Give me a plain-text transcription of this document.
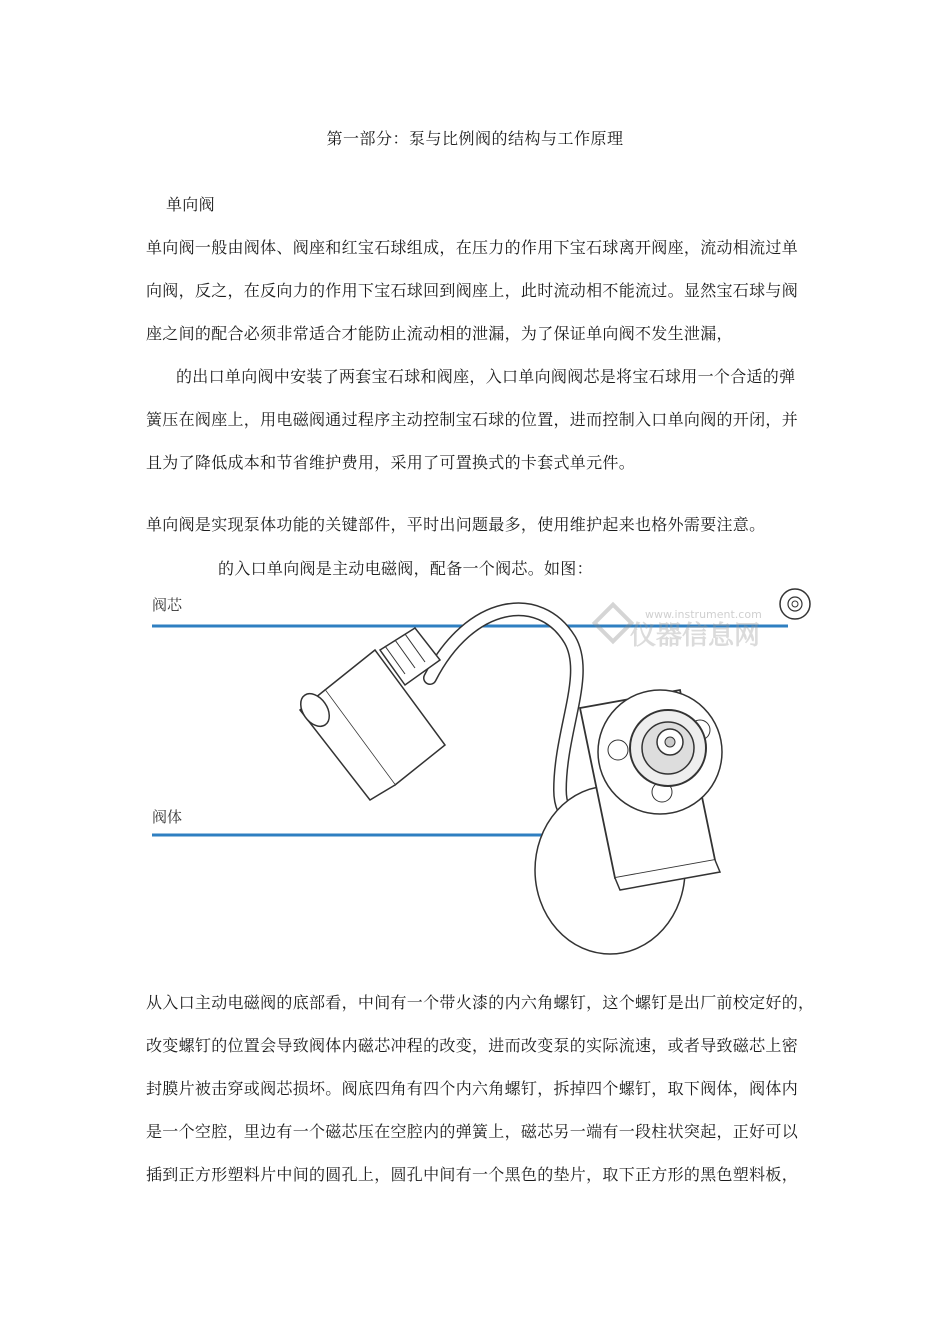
第一部分：泵与比例阀的结构与工作原理
单向阀
单向阀一般由阀体、阀座和红宝石球组成，在压力的作用下宝石球离开阀座，流动相流过单
向阀，反之，在反向力的作用下宝石球回到阀座上，此时流动相不能流过。显然宝石球与阀
座之间的配合必须非常适合才能防止流动相的泄漏，为了保证单向阀不发生泄漏，
的出口单向阀中安装了两套宝石球和阀座，入口单向阀阀芯是将宝石球用一个合适的弹
簧压在阀座上，用电磁阀通过程序主动控制宝石球的位置，进而控制入口单向阀的开闭，并
且为了降低成本和节省维护费用，采用了可置换式的卡套式单元件。
单向阀是实现泵体功能的关键部件，平时出问题最多，使用维护起来也格外需要注意。
的入口单向阀是主动电磁阀，配备一个阀芯。如图：
阀芯
阀体
www.instrument.com
仪器信息网
从入口主动电磁阀的底部看，中间有一个带火漆的内六角螺钉，这个螺钉是出厂前校定好的，
改变螺钉的位置会导致阀体内磁芯冲程的改变，进而改变泵的实际流速，或者导致磁芯上密
封膜片被击穿或阀芯损坏。阀底四角有四个内六角螺钉，拆掉四个螺钉，取下阀体，阀体内
是一个空腔，里边有一个磁芯压在空腔内的弹簧上，磁芯另一端有一段柱状突起，正好可以
插到正方形塑料片中间的圆孔上，圆孔中间有一个黑色的垫片，取下正方形的黑色塑料板，
